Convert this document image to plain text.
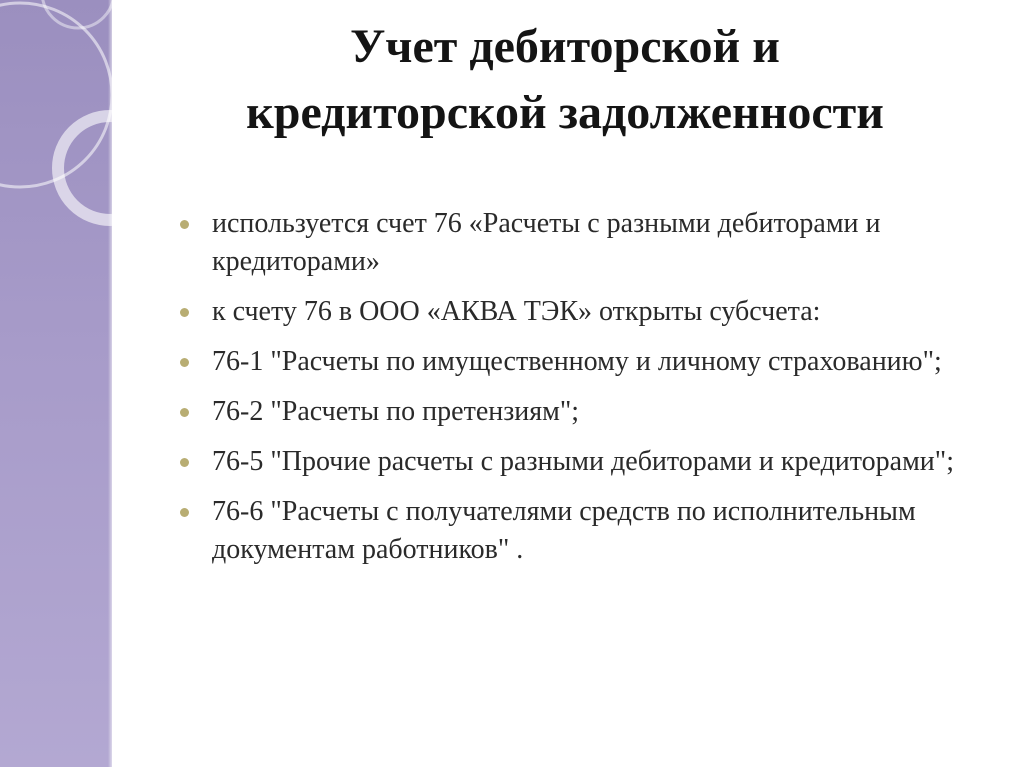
Учет дебиторской и
кредиторской задолженности
используется счет 76 «Расчеты с разными дебиторами и кредиторами»
к счету 76 в ООО «АКВА ТЭК» открыты субсчета:
76-1 "Расчеты по имущественному и личному страхованию";
76-2 "Расчеты по претензиям";
76-5 "Прочие расчеты с разными дебиторами и кредиторами";
76-6 "Расчеты с получателями средств по исполнительным документам работников" .
